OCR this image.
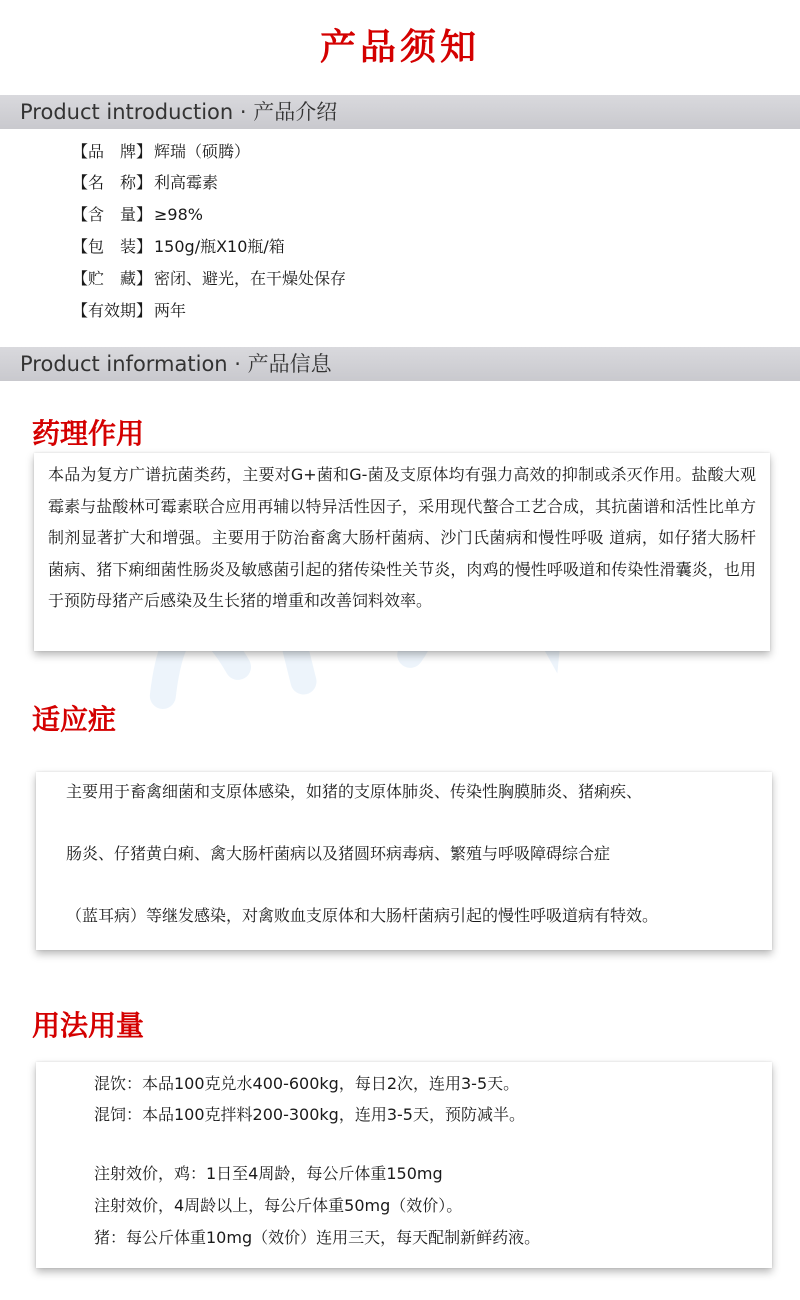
产品须知
Product introduction · 产品介绍
【品　牌】 辉瑞（硕腾）
【名　称】 利高霉素
【含　量】 ≥98%
【包　装】 150g/瓶X10瓶/箱
【贮　藏】 密闭、避光，在干燥处保存
【有效期】 两年
Product information · 产品信息
药理作用

本品为复方广谱抗菌类药，主要对G+菌和G-菌及支原体均有强力高效的抑制或杀灭作用。盐酸大观霉素与盐酸林可霉素联合应用再辅以特异活性因子，采用现代螯合工艺合成，其抗菌谱和活性比单方制剂显著扩大和增强。主要用于防治畜禽大肠杆菌病、沙门氏菌病和慢性呼吸 道病，如仔猪大肠杆菌病、猪下痢细菌性肠炎及敏感菌引起的猪传染性关节炎，肉鸡的慢性呼吸道和传染性滑囊炎，也用于预防母猪产后感染及生长猪的增重和改善饲料效率。

适应症
主要用于畜禽细菌和支原体感染，如猪的支原体肺炎、传染性胸膜肺炎、猪痢疾、
肠炎、仔猪黄白痢、禽大肠杆菌病以及猪圆环病毒病、繁殖与呼吸障碍综合症
（蓝耳病）等继发感染，对禽败血支原体和大肠杆菌病引起的慢性呼吸道病有特效。
用法用量
混饮：本品100克兑水400-600kg，每日2次，连用3-5天。
混饲：本品100克拌料200-300kg，连用3-5天，预防减半。
注射效价，鸡：1日至4周龄，每公斤体重150mg
注射效价，4周龄以上，每公斤体重50mg（效价）。
猪：每公斤体重10mg（效价）连用三天，每天配制新鲜药液。
